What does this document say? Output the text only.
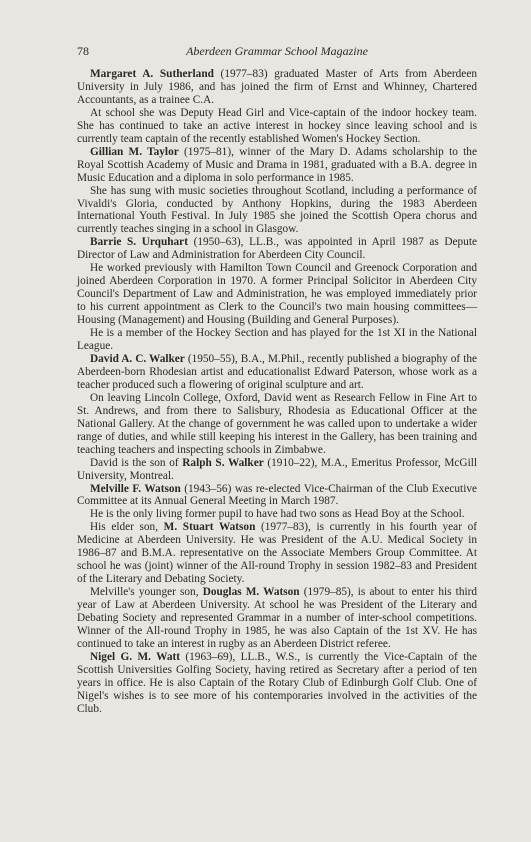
78	Aberdeen Grammar School Magazine

Margaret A. Sutherland (1977–83) graduated Master of Arts from Aberdeen University in July 1986, and has joined the firm of Ernst and Whinney, Chartered Accountants, as a trainee C.A.

At school she was Deputy Head Girl and Vice-captain of the indoor hockey team. She has continued to take an active interest in hockey since leaving school and is currently team captain of the recently established Women's Hockey Section.

Gillian M. Taylor (1975–81), winner of the Mary D. Adams scholarship to the Royal Scottish Academy of Music and Drama in 1981, graduated with a B.A. degree in Music Education and a diploma in solo performance in 1985.

She has sung with music societies throughout Scotland, including a performance of Vivaldi's Gloria, conducted by Anthony Hopkins, during the 1983 Aberdeen International Youth Festival. In July 1985 she joined the Scottish Opera chorus and currently teaches singing in a school in Glasgow.

Barrie S. Urquhart (1950–63), LL.B., was appointed in April 1987 as Depute Director of Law and Administration for Aberdeen City Council.

He worked previously with Hamilton Town Council and Greenock Corporation and joined Aberdeen Corporation in 1970. A former Principal Solicitor in Aberdeen City Council's Department of Law and Administration, he was employed immediately prior to his current appointment as Clerk to the Council's two main housing committees—Housing (Management) and Housing (Building and General Purposes).

He is a member of the Hockey Section and has played for the 1st XI in the National League.

David A. C. Walker (1950–55), B.A., M.Phil., recently published a biography of the Aberdeen-born Rhodesian artist and educationalist Edward Paterson, whose work as a teacher produced such a flowering of original sculpture and art.

On leaving Lincoln College, Oxford, David went as Research Fellow in Fine Art to St. Andrews, and from there to Salisbury, Rhodesia as Educational Officer at the National Gallery. At the change of government he was called upon to undertake a wider range of duties, and while still keeping his interest in the Gallery, has been training and teaching teachers and inspecting schools in Zimbabwe.

David is the son of Ralph S. Walker (1910–22), M.A., Emeritus Professor, McGill University, Montreal.

Melville F. Watson (1943–56) was re-elected Vice-Chairman of the Club Executive Committee at its Annual General Meeting in March 1987.

He is the only living former pupil to have had two sons as Head Boy at the School.

His elder son, M. Stuart Watson (1977–83), is currently in his fourth year of Medicine at Aberdeen University. He was President of the A.U. Medical Society in 1986–87 and B.M.A. representative on the Associate Members Group Committee. At school he was (joint) winner of the All-round Trophy in session 1982–83 and President of the Literary and Debating Society.

Melville's younger son, Douglas M. Watson (1979–85), is about to enter his third year of Law at Aberdeen University. At school he was President of the Literary and Debating Society and represented Grammar in a number of inter-school competitions. Winner of the All-round Trophy in 1985, he was also Captain of the 1st XV. He has continued to take an interest in rugby as an Aberdeen District referee.

Nigel G. M. Watt (1963–69), LL.B., W.S., is currently the Vice-Captain of the Scottish Universities Golfing Society, having retired as Secretary after a period of ten years in office. He is also Captain of the Rotary Club of Edinburgh Golf Club. One of Nigel's wishes is to see more of his contemporaries involved in the activities of the Club.
